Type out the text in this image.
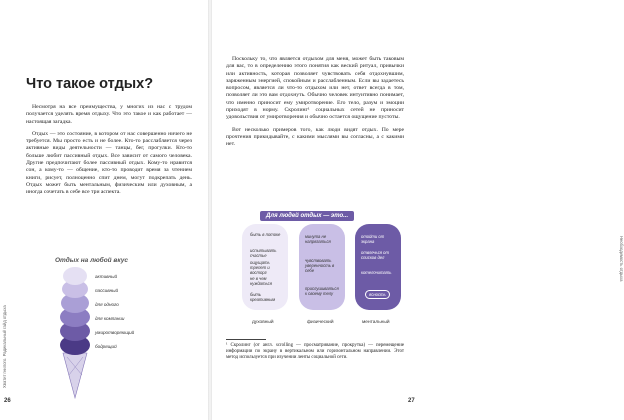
Что такое отдых?

Несмотря на все преимущества, у многих из нас с трудом получается уделять время отдыху. Что это такое и как работает — настоящая загадка.

Отдых — это состояние, в котором от нас совершенно ничего не требуется. Мы просто есть и не более. Кто-то расслабляется через активные виды деятельности — танцы, бег, прогулки. Кто-то больше любит пассивный отдых. Все зависит от самого человека. Другие предпочитают более пассивный отдых. Кому-то нравится сон, а кому-то — общение, кто-то проводит время за чтением книги, рисует, полноценно спит днем, могут подкрепать день. Отдых может быть ментальным, физическим или духовным, а иногда сочетать в себе все три аспекта.

Отдых на любой вкус
активный
пассивный
для одного
для компании
умиротворяющий
бодрящий
Хватит гнилого. Радикальный гайд отдыха
26

Поскольку то, что является отдыхом для меня, может быть таковым для вас, то в определению этого понятия как веский ритуал, привычки или активность, которая позволяет чувствовать себя отдохнувшим, заряженным энергией, спокойным и расслабленным. Если вы задаетесь вопросом, является ли что-то отдыхом или нет, ответ всегда в том, позволяет ли это вам отдохнуть. Обычно человек интуитивно понимает, что именно приносит ему умиротворение. Его тело, разум и эмоции приходят в норму. Скролинг¹ социальных сетей не приносит удовольствия от умиротворения и обычно остается ощущение пустоты.

Вот несколько примеров того, как люди видят отдых. По мере прочтения прикидывайте, с какими мыслями вы согласны, а с какими нет.

Для людей отдых — это...
быть в потоке
испытывать счастье
ощущать трепет и восторг
не в чем нуждаться
быть креативным
духовный
минута не напрягаться
чувствовать уверенность в себе
прислушиваться к своему телу
физический
отойти от экрана
отвлечься от списков дел
котелочитать
ясность
ментальный
¹ Скролинг (от англ. scrolling — просматривание, прокрутка) — перемещение информации по экрану в вертикальном или горизонтальном направлении. Этот метод используется при изучении ленты социальной сети.
Необходимость отдыха
27
